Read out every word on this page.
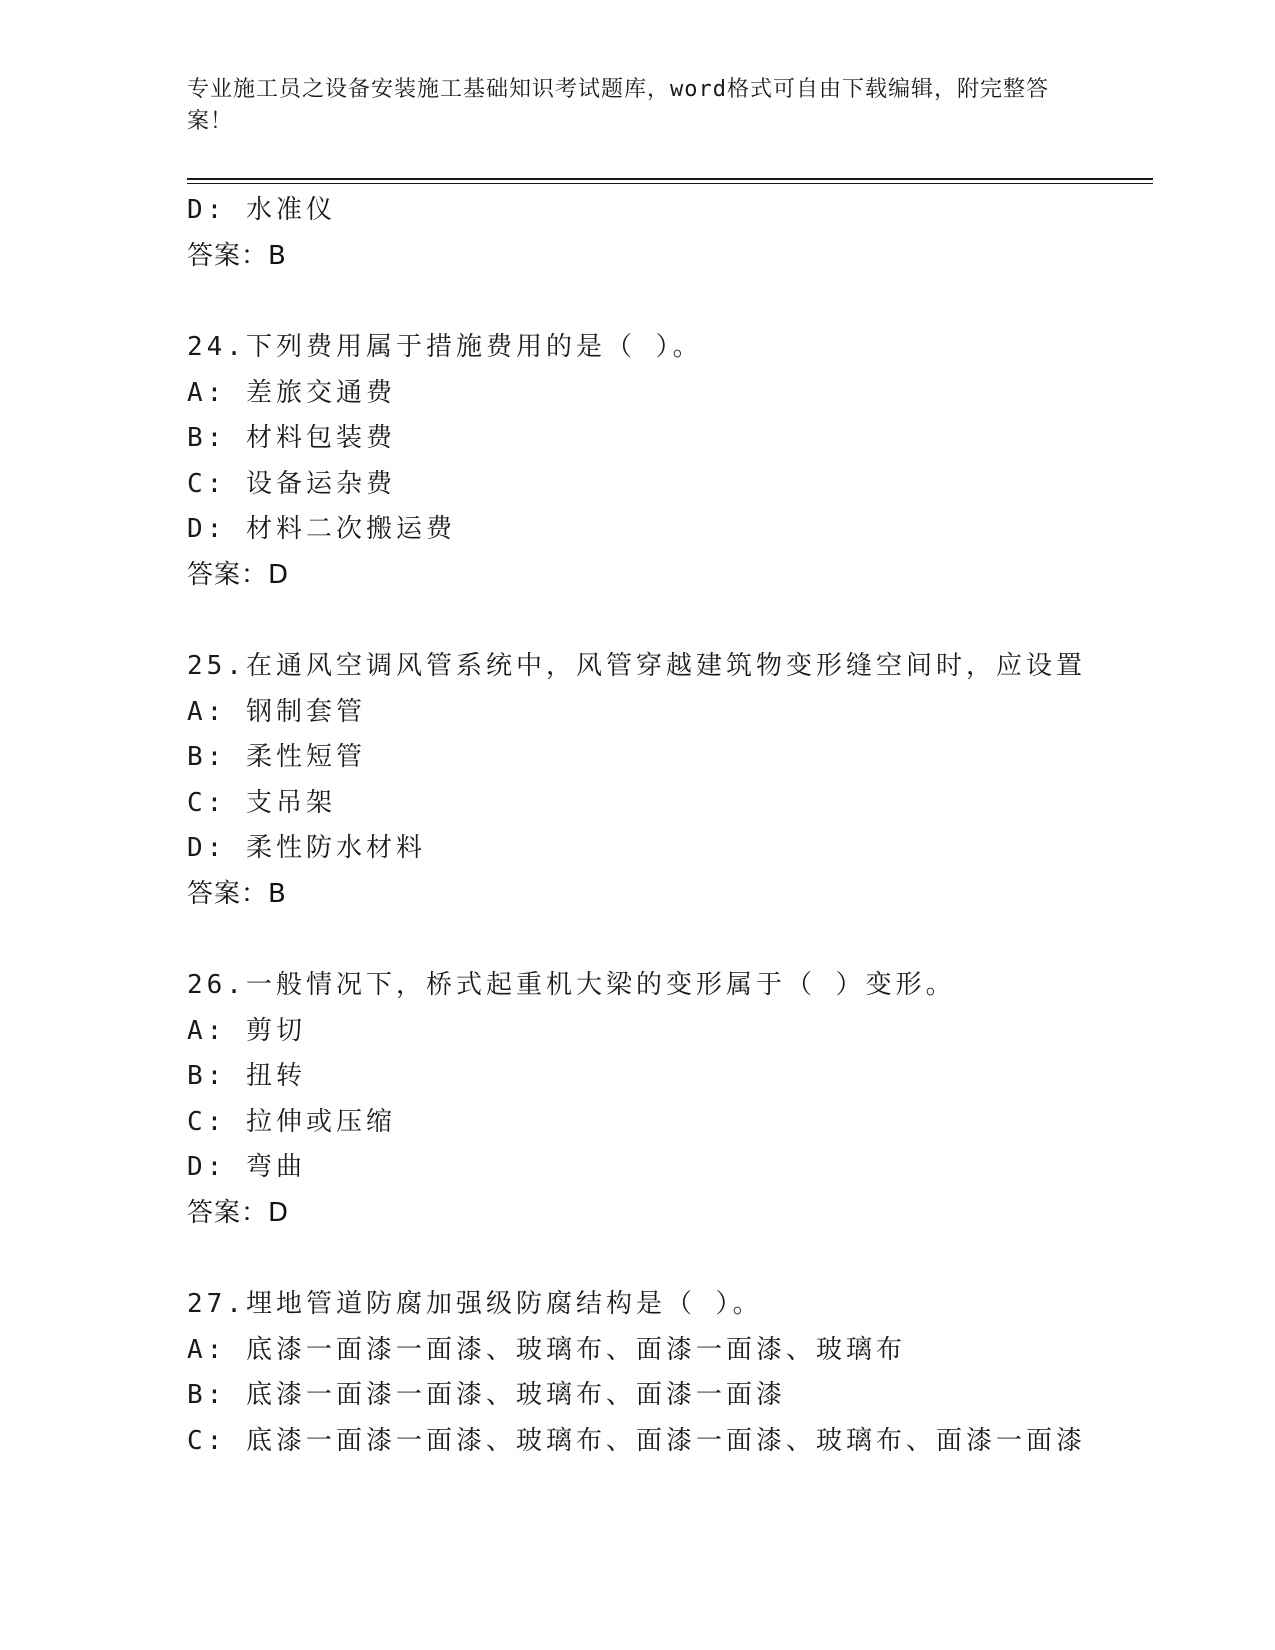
专业施工员之设备安装施工基础知识考试题库，word格式可自由下载编辑，附完整答案！
D: 水准仪
答案：B
24.下列费用属于措施费用的是（ ）。
A: 差旅交通费
B: 材料包装费
C: 设备运杂费
D: 材料二次搬运费
答案：D
25.在通风空调风管系统中，风管穿越建筑物变形缝空间时，应设置
A: 钢制套管
B: 柔性短管
C: 支吊架
D: 柔性防水材料
答案：B
26.一般情况下，桥式起重机大梁的变形属于（ ）变形。
A: 剪切
B: 扭转
C: 拉伸或压缩
D: 弯曲
答案：D
27.埋地管道防腐加强级防腐结构是（ ）。
A: 底漆一面漆一面漆、玻璃布、面漆一面漆、玻璃布
B: 底漆一面漆一面漆、玻璃布、面漆一面漆
C: 底漆一面漆一面漆、玻璃布、面漆一面漆、玻璃布、面漆一面漆
